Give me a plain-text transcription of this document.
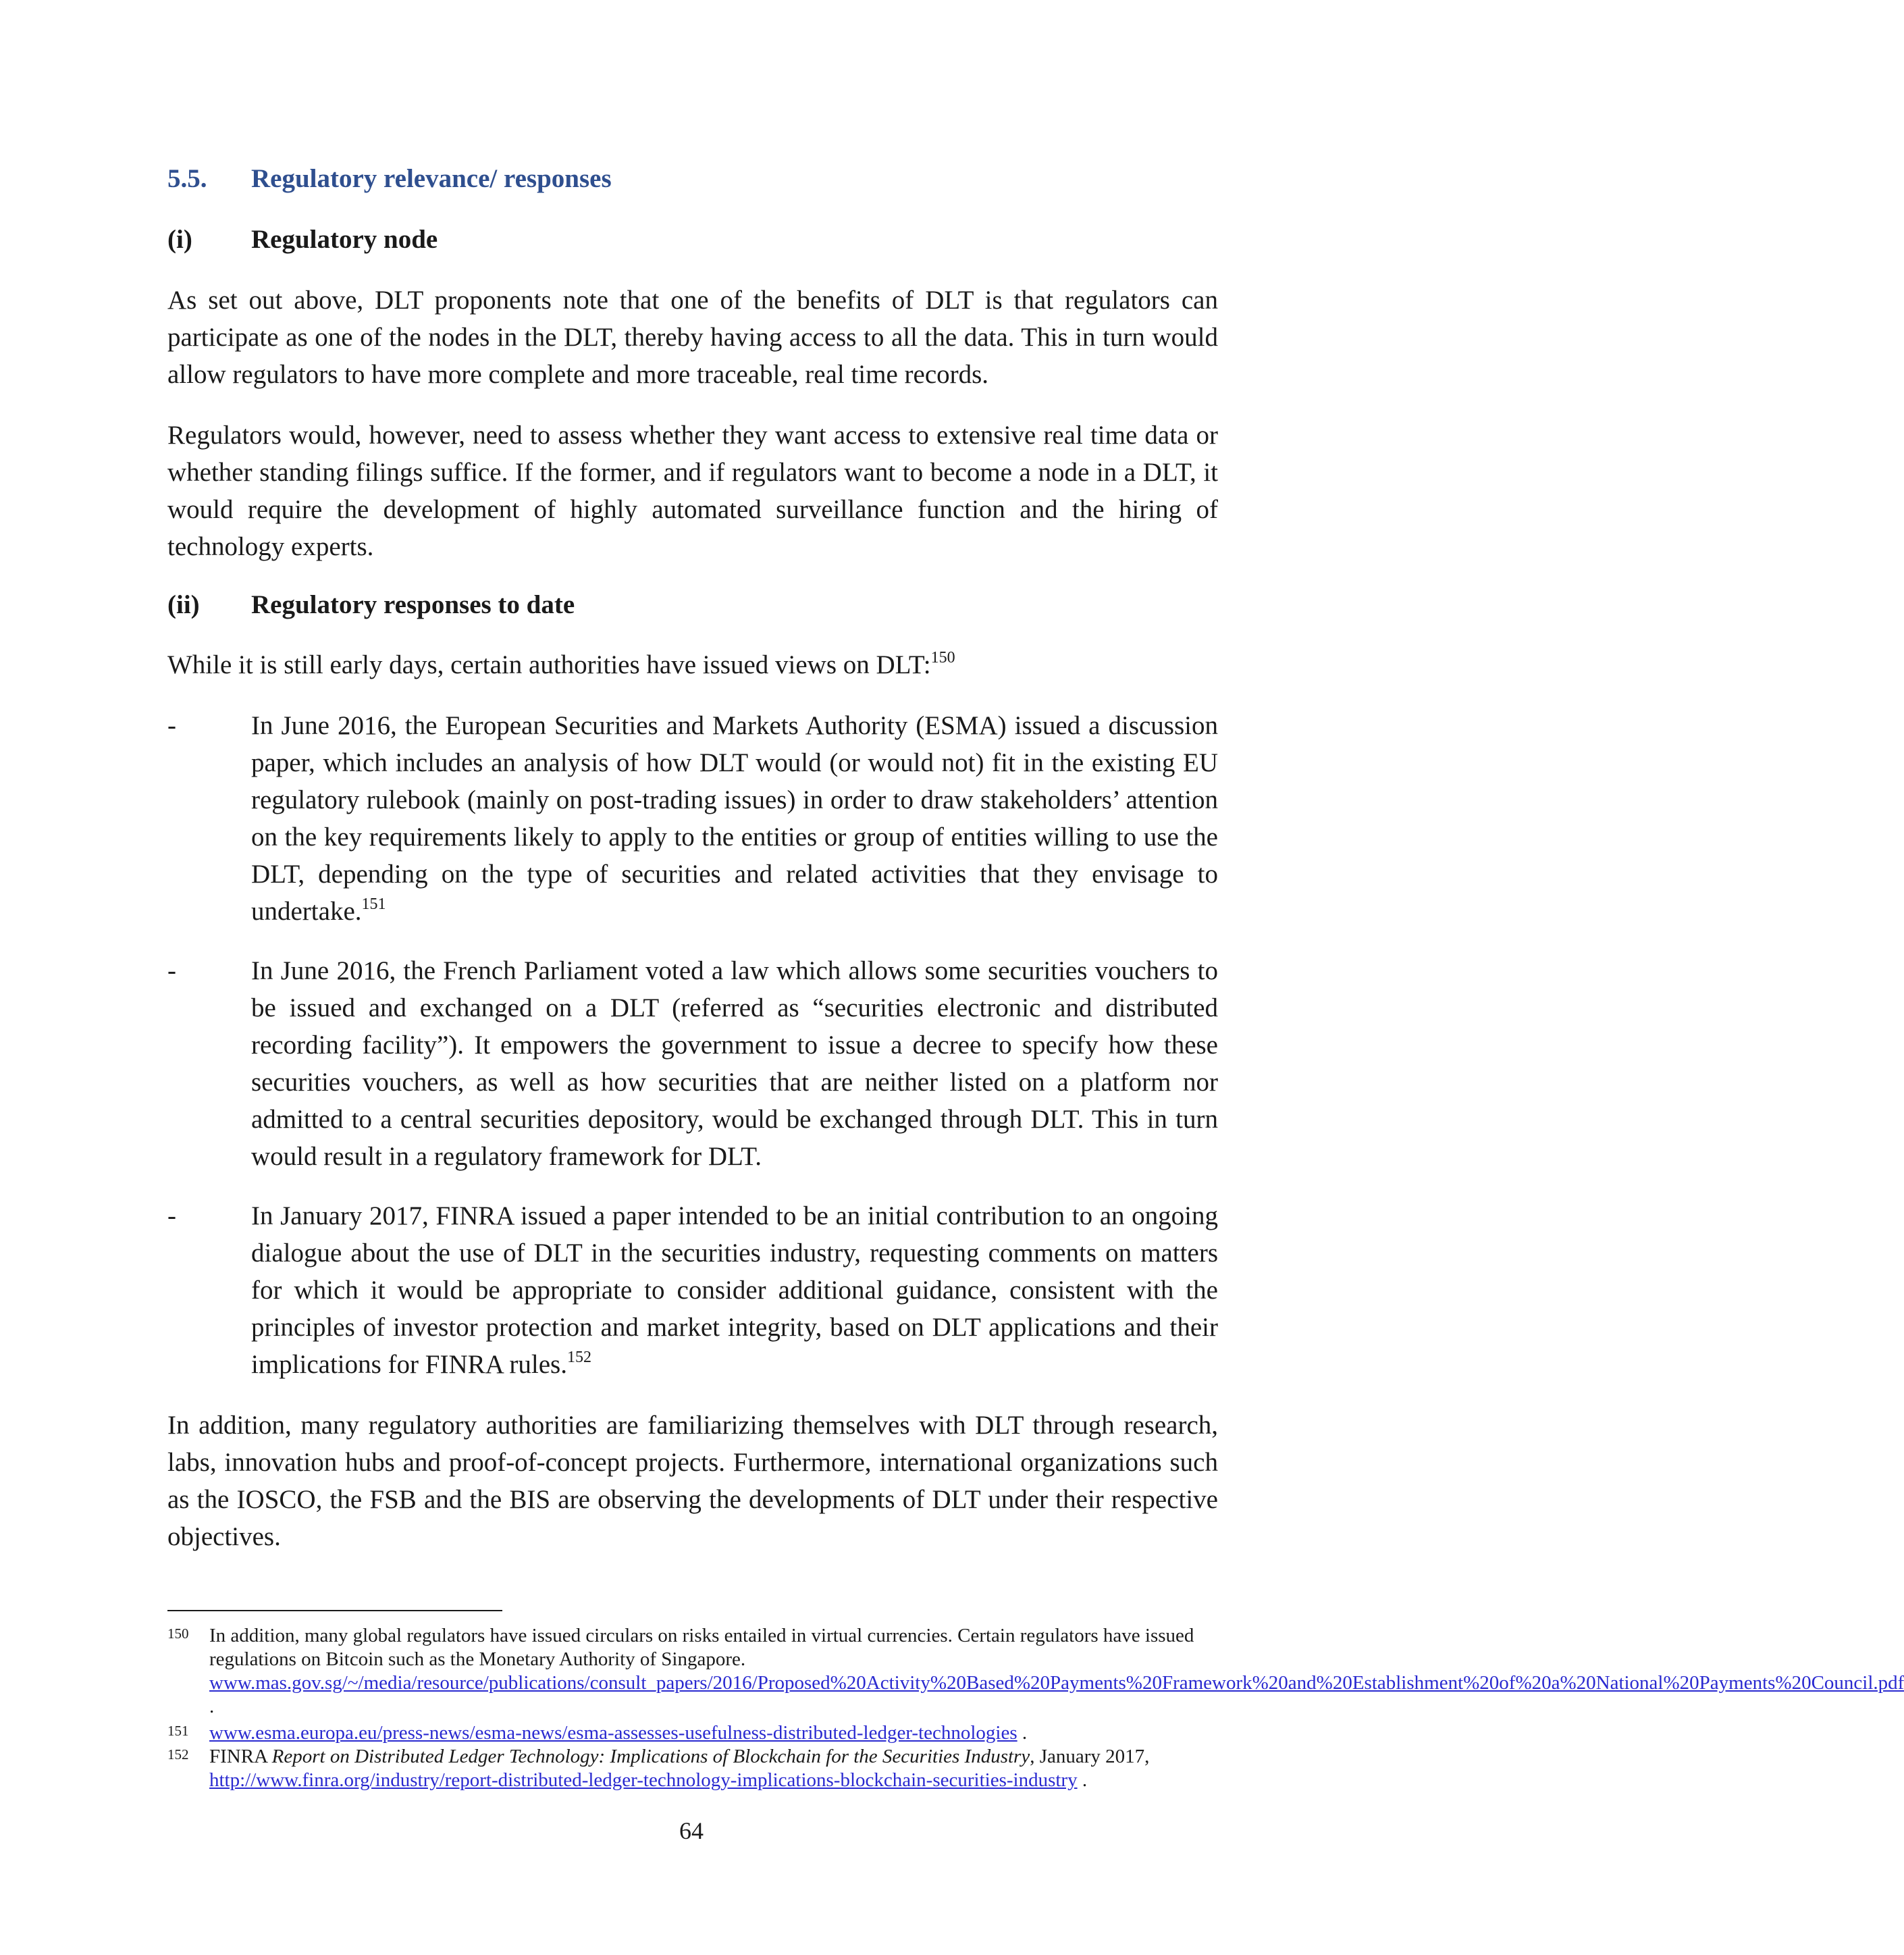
5.5. Regulatory relevance/ responses
(i) Regulatory node
As set out above, DLT proponents note that one of the benefits of DLT is that regulators can participate as one of the nodes in the DLT, thereby having access to all the data. This in turn would allow regulators to have more complete and more traceable, real time records.
Regulators would, however, need to assess whether they want access to extensive real time data or whether standing filings suffice. If the former, and if regulators want to become a node in a DLT, it would require the development of highly automated surveillance function and the hiring of technology experts.
(ii) Regulatory responses to date
While it is still early days, certain authorities have issued views on DLT:$^{150}$
-	In June 2016, the European Securities and Markets Authority (ESMA) issued a discussion paper, which includes an analysis of how DLT would (or would not) fit in the existing EU regulatory rulebook (mainly on post-trading issues) in order to draw stakeholders’ attention on the key requirements likely to apply to the entities or group of entities willing to use the DLT, depending on the type of securities and related activities that they envisage to undertake.$^{151}$
-	In June 2016, the French Parliament voted a law which allows some securities vouchers to be issued and exchanged on a DLT (referred as “securities electronic and distributed recording facility”). It empowers the government to issue a decree to specify how these securities vouchers, as well as how securities that are neither listed on a platform nor admitted to a central securities depository, would be exchanged through DLT. This in turn would result in a regulatory framework for DLT.
-	In January 2017, FINRA issued a paper intended to be an initial contribution to an ongoing dialogue about the use of DLT in the securities industry, requesting comments on matters for which it would be appropriate to consider additional guidance, consistent with the principles of investor protection and market integrity, based on DLT applications and their implications for FINRA rules.$^{152}$
In addition, many regulatory authorities are familiarizing themselves with DLT through research, labs, innovation hubs and proof-of-concept projects. Furthermore, international organizations such as the IOSCO, the FSB and the BIS are observing the developments of DLT under their respective objectives.
150 In addition, many global regulators have issued circulars on risks entailed in virtual currencies. Certain regulators have issued regulations on Bitcoin such as the Monetary Authority of Singapore.
www.mas.gov.sg/~/media/resource/publications/consult_papers/2016/Proposed%20Activity%20Based%20Payments%20Framework%20and%20Establishment%20of%20a%20National%20Payments%20Council.pdf .
151 www.esma.europa.eu/press-news/esma-news/esma-assesses-usefulness-distributed-ledger-technologies .
152 FINRA Report on Distributed Ledger Technology: Implications of Blockchain for the Securities Industry, January 2017, http://www.finra.org/industry/report-distributed-ledger-technology-implications-blockchain-securities-industry .
64
